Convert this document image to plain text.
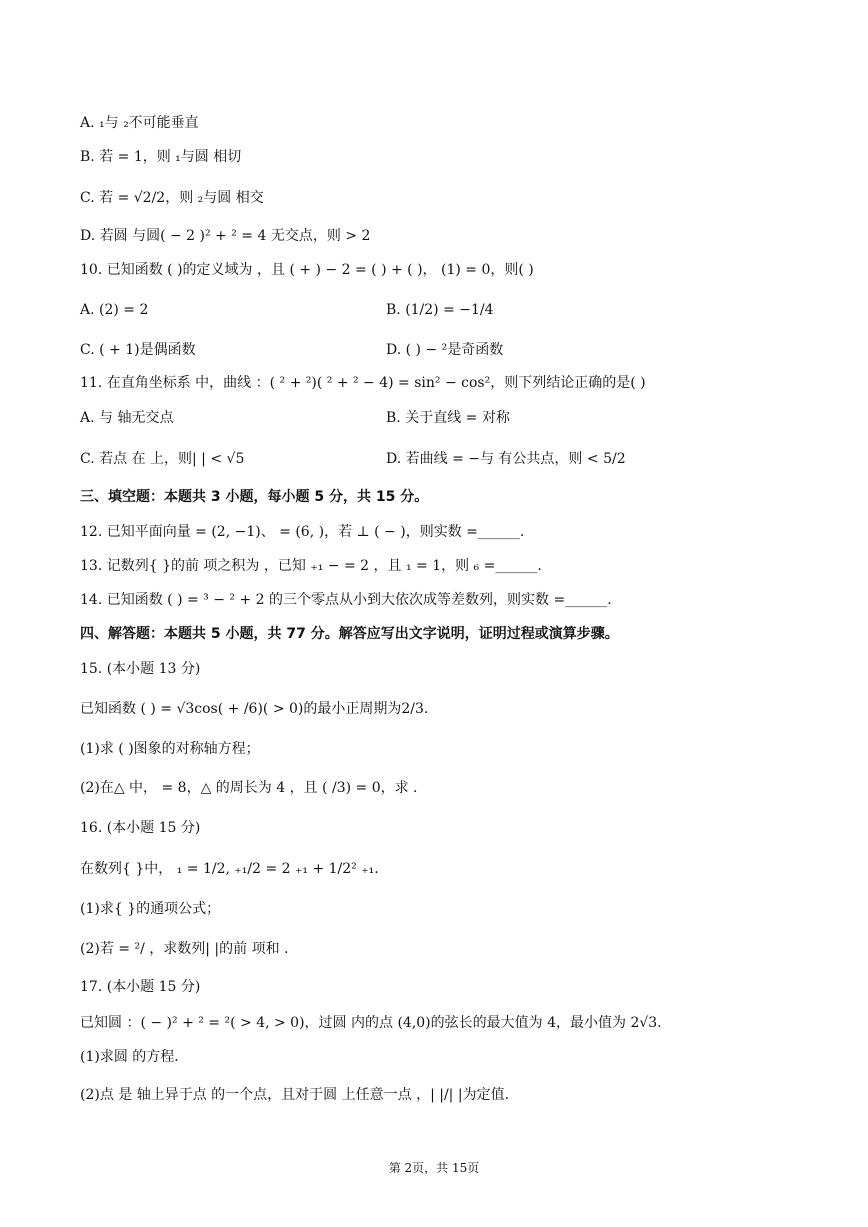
A. ₁与 ₂不可能垂直
B. 若 = 1，则 ₁与圆 相切
C. 若 = √2/2，则 ₂与圆 相交
D. 若圆 与圆( − 2 )² + ² = 4 无交点，则 > 2
10. 已知函数 ( )的定义域为 ，且 ( + ) − 2 = ( ) + ( )， (1) = 0，则( )
A. (2) = 2	B. (1/2) = −1/4
C. ( + 1)是偶函数	D. ( ) − ²是奇函数
11. 在直角坐标系 中，曲线 ：( ² + ²)( ² + ² − 4) = sin² − cos²，则下列结论正确的是( )
A. 与 轴无交点	B. 关于直线 = 对称
C. 若点 在 上，则| | < √5	D. 若曲线 = −与 有公共点，则 < 5/2
三、填空题：本题共 3 小题，每小题 5 分，共 15 分。
12. 已知平面向量 = (2, −1)、 = (6, )，若 ⊥ ( − )，则实数 =______.
13. 记数列{ }的前 项之积为 ，已知 ₊₁ − = 2 ，且 ₁ = 1，则 ₆ =______.
14. 已知函数 ( ) = ³ − ² + 2 的三个零点从小到大依次成等差数列，则实数 =______.
四、解答题：本题共 5 小题，共 77 分。解答应写出文字说明，证明过程或演算步骤。
15. (本小题 13 分)
已知函数 ( ) = √3cos( + /6)( > 0)的最小正周期为2/3.
(1)求 ( )图象的对称轴方程；
(2)在△ 中， = 8，△ 的周长为 4 ，且 ( /3) = 0，求 .
16. (本小题 15 分)
在数列{ }中， ₁ = 1/2, ₊₁/2 = 2 ₊₁ + 1/2² ₊₁.
(1)求{ }的通项公式；
(2)若 = ²/ ，求数列| |的前 项和 .
17. (本小题 15 分)
已知圆 ：( − )² + ² = ²( > 4, > 0)，过圆 内的点 (4,0)的弦长的最大值为 4，最小值为 2√3.
(1)求圆 的方程.
(2)点 是 轴上异于点 的一个点，且对于圆 上任意一点 ，| |/| |为定值.
第 2页，共 15页
